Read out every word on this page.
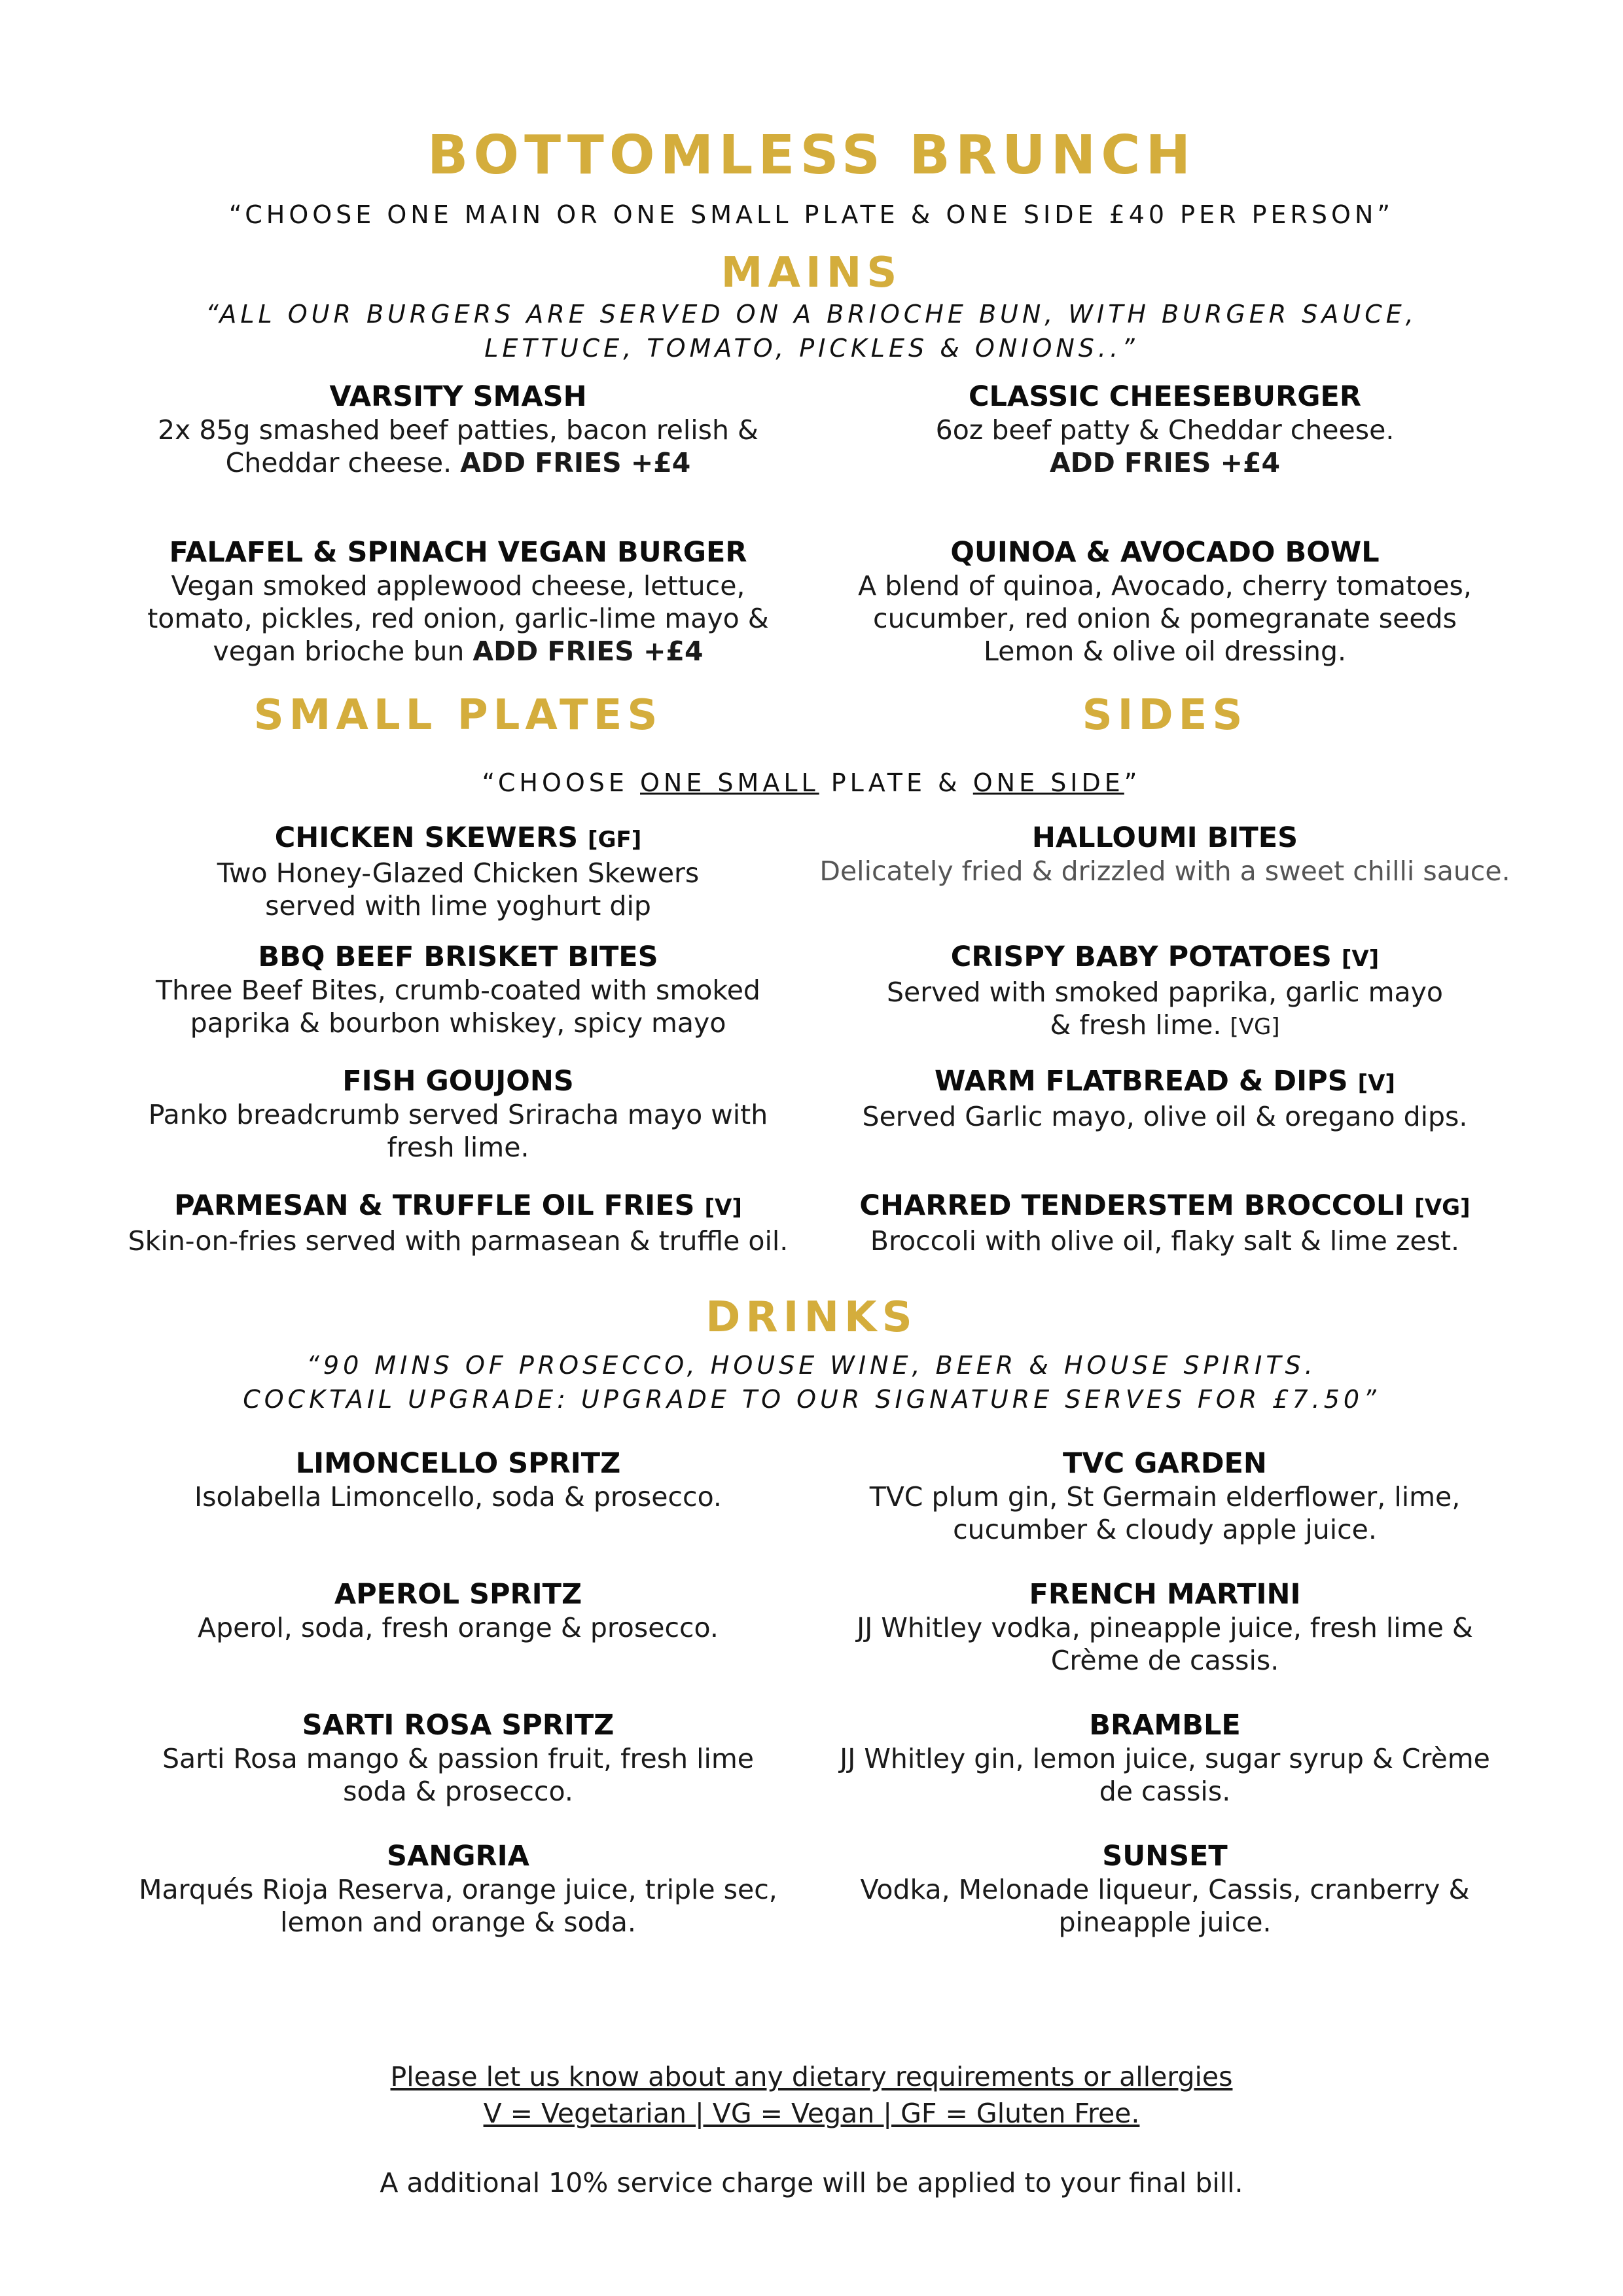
BOTTOMLESS BRUNCH
“CHOOSE ONE MAIN OR ONE SMALL PLATE & ONE SIDE £40 PER PERSON”
MAINS
“ALL OUR BURGERS ARE SERVED ON A BRIOCHE BUN, WITH BURGER SAUCE,
LETTUCE, TOMATO, PICKLES & ONIONS..”
VARSITY SMASH
2x 85g smashed beef patties, bacon relish &
Cheddar cheese. ADD FRIES +£4
CLASSIC CHEESEBURGER
6oz beef patty & Cheddar cheese.
ADD FRIES +£4
FALAFEL & SPINACH VEGAN BURGER
Vegan smoked applewood cheese, lettuce,
tomato, pickles, red onion, garlic-lime mayo &
vegan brioche bun ADD FRIES +£4
QUINOA & AVOCADO BOWL
A blend of quinoa, Avocado, cherry tomatoes,
cucumber, red onion & pomegranate seeds
Lemon & olive oil dressing.
SMALL PLATES	SIDES
“CHOOSE ONE SMALL PLATE & ONE SIDE”
CHICKEN SKEWERS [GF]
Two Honey-Glazed Chicken Skewers
served with lime yoghurt dip
BBQ BEEF BRISKET BITES
Three Beef Bites, crumb-coated with smoked
paprika & bourbon whiskey, spicy mayo
FISH GOUJONS
Panko breadcrumb served Sriracha mayo with
fresh lime.
PARMESAN & TRUFFLE OIL FRIES [V]
Skin-on-fries served with parmasean & truffle oil.
HALLOUMI BITES
Delicately fried & drizzled with a sweet chilli sauce.
CRISPY BABY POTATOES [V]
Served with smoked paprika, garlic mayo
& fresh lime. [VG]
WARM FLATBREAD & DIPS [V]
Served Garlic mayo, olive oil & oregano dips.
CHARRED TENDERSTEM BROCCOLI [VG]
Broccoli with olive oil, flaky salt & lime zest.
DRINKS
“90 MINS OF PROSECCO, HOUSE WINE, BEER & HOUSE SPIRITS.
COCKTAIL UPGRADE: UPGRADE TO OUR SIGNATURE SERVES FOR £7.50”
LIMONCELLO SPRITZ
Isolabella Limoncello, soda & prosecco.
APEROL SPRITZ
Aperol, soda, fresh orange & prosecco.
SARTI ROSA SPRITZ
Sarti Rosa mango & passion fruit, fresh lime
soda & prosecco.
SANGRIA
Marqués Rioja Reserva, orange juice, triple sec,
lemon and orange & soda.
TVC GARDEN
TVC plum gin, St Germain elderflower, lime,
cucumber & cloudy apple juice.
FRENCH MARTINI
JJ Whitley vodka, pineapple juice, fresh lime &
Crème de cassis.
BRAMBLE
JJ Whitley gin, lemon juice, sugar syrup & Crème
de cassis.
SUNSET
Vodka, Melonade liqueur, Cassis, cranberry &
pineapple juice.
Please let us know about any dietary requirements or allergies
V = Vegetarian | VG = Vegan | GF = Gluten Free.
A additional 10% service charge will be applied to your final bill.
